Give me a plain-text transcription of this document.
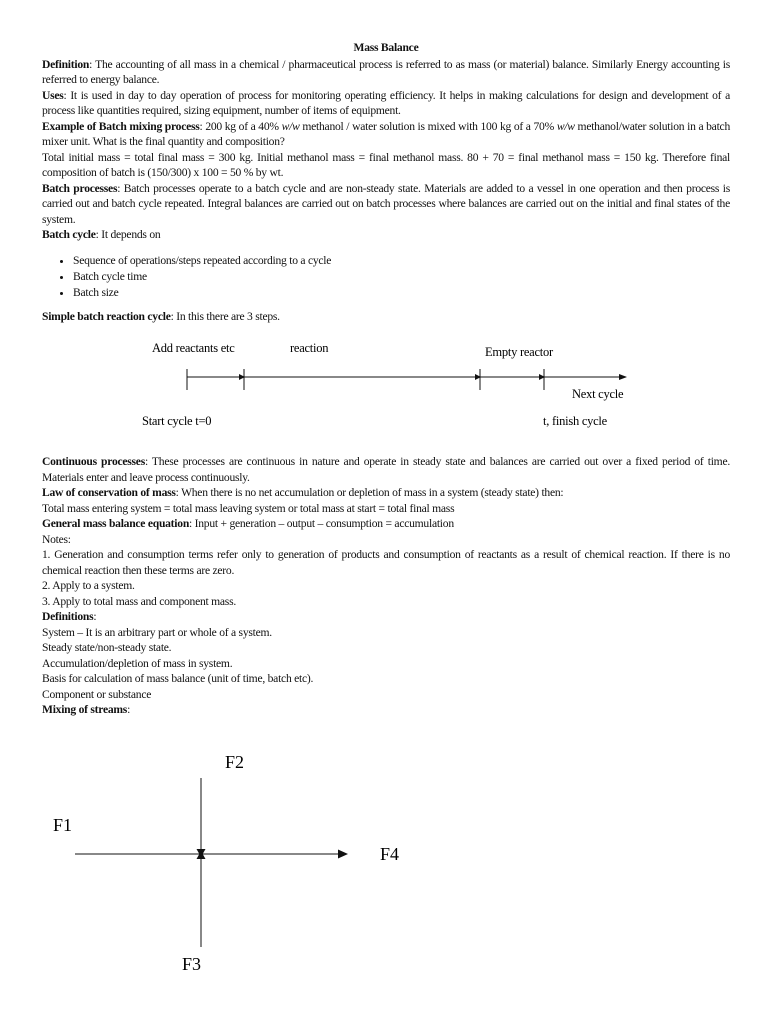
Mass Balance

Definition: The accounting of all mass in a chemical / pharmaceutical process is referred to as mass (or material) balance. Similarly Energy accounting is referred to energy balance.

Uses: It is used in day to day operation of process for monitoring operating efficiency. It helps in making calculations for design and development of a process like quantities required, sizing equipment, number of items of equipment.

Example of Batch mixing process: 200 kg of a 40% w/w methanol / water solution is mixed with 100 kg of a 70% w/w methanol/water solution in a batch mixer unit. What is the final quantity and composition?

Total initial mass = total final mass = 300 kg. Initial methanol mass = final methanol mass. 80 + 70 = final methanol mass = 150 kg. Therefore final composition of batch is (150/300) x 100 = 50 % by wt.

Batch processes: Batch processes operate to a batch cycle and are non-steady state. Materials are added to a vessel in one operation and then process is carried out and batch cycle repeated. Integral balances are carried out on batch processes where balances are carried out on the initial and final states of the system.

Batch cycle: It depends on

• Sequence of operations/steps repeated according to a cycle
• Batch cycle time
• Batch size

Simple batch reaction cycle: In this there are 3 steps.

Add reactants etc	reaction	Empty reactor
Next cycle
Start cycle t=0	t, finish cycle

Continuous processes: These processes are continuous in nature and operate in steady state and balances are carried out over a fixed period of time. Materials enter and leave process continuously.

Law of conservation of mass: When there is no net accumulation or depletion of mass in a system (steady state) then:

Total mass entering system = total mass leaving system or total mass at start = total final mass

General mass balance equation: Input + generation – output – consumption = accumulation

Notes:

1. Generation and consumption terms refer only to generation of products and consumption of reactants as a result of chemical reaction. If there is no chemical reaction then these terms are zero.

2. Apply to a system.

3. Apply to total mass and component mass.

Definitions:

System – It is an arbitrary part or whole of a system.

Steady state/non-steady state.

Accumulation/depletion of mass in system.

Basis for calculation of mass balance (unit of time, batch etc).

Component or substance

Mixing of streams:

F2
F1
F4
F3
